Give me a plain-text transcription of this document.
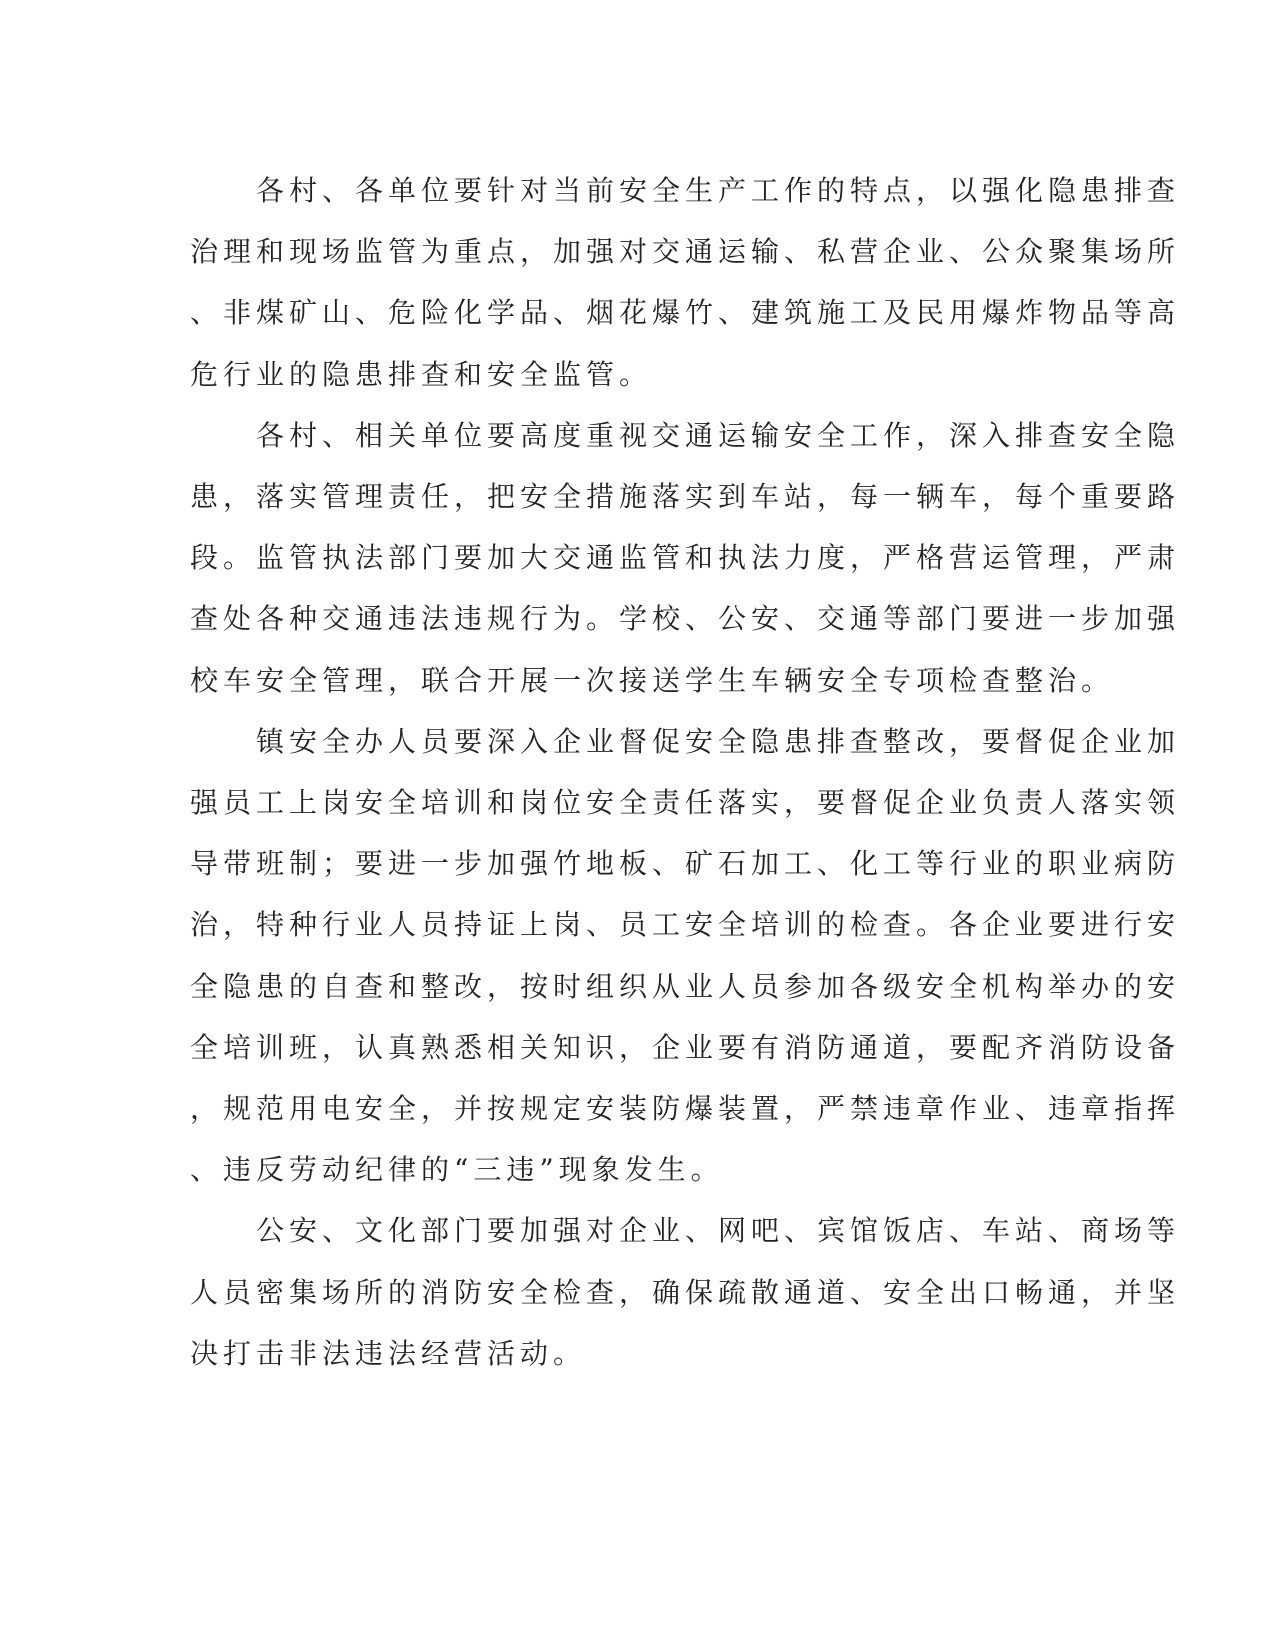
各村、各单位要针对当前安全生产工作的特点，以强化隐患排查
治理和现场监管为重点，加强对交通运输、私营企业、公众聚集场所
、非煤矿山、危险化学品、烟花爆竹、建筑施工及民用爆炸物品等高
危行业的隐患排查和安全监管。
各村、相关单位要高度重视交通运输安全工作，深入排查安全隐
患，落实管理责任，把安全措施落实到车站，每一辆车，每个重要路
段。监管执法部门要加大交通监管和执法力度，严格营运管理，严肃
查处各种交通违法违规行为。学校、公安、交通等部门要进一步加强
校车安全管理，联合开展一次接送学生车辆安全专项检查整治。
镇安全办人员要深入企业督促安全隐患排查整改，要督促企业加
强员工上岗安全培训和岗位安全责任落实，要督促企业负责人落实领
导带班制；要进一步加强竹地板、矿石加工、化工等行业的职业病防
治，特种行业人员持证上岗、员工安全培训的检查。各企业要进行安
全隐患的自查和整改，按时组织从业人员参加各级安全机构举办的安
全培训班，认真熟悉相关知识，企业要有消防通道，要配齐消防设备
，规范用电安全，并按规定安装防爆装置，严禁违章作业、违章指挥
、违反劳动纪律的“三违”现象发生。
公安、文化部门要加强对企业、网吧、宾馆饭店、车站、商场等
人员密集场所的消防安全检查，确保疏散通道、安全出口畅通，并坚
决打击非法违法经营活动。
